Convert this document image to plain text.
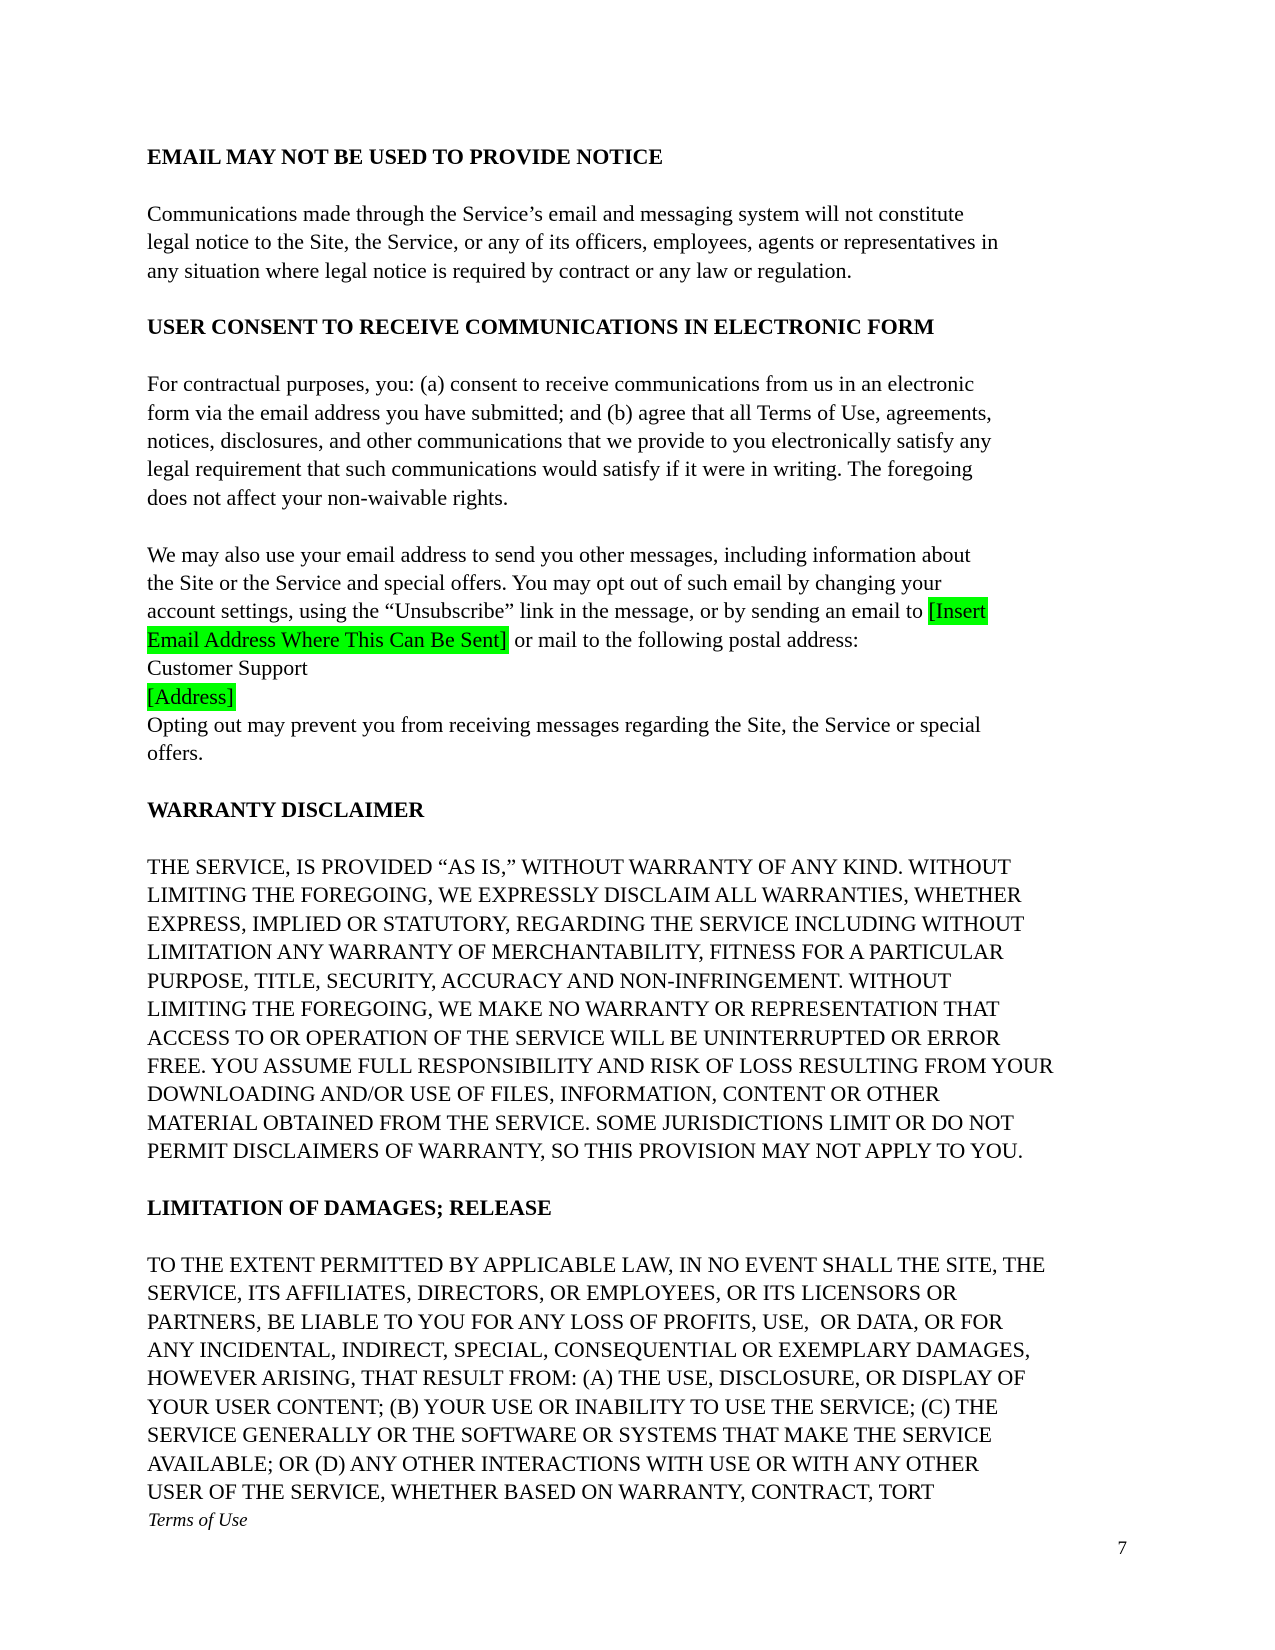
EMAIL MAY NOT BE USED TO PROVIDE NOTICE
Communications made through the Service’s email and messaging system will not constitute
legal notice to the Site, the Service, or any of its officers, employees, agents or representatives in
any situation where legal notice is required by contract or any law or regulation.
USER CONSENT TO RECEIVE COMMUNICATIONS IN ELECTRONIC FORM
For contractual purposes, you: (a) consent to receive communications from us in an electronic
form via the email address you have submitted; and (b) agree that all Terms of Use, agreements,
notices, disclosures, and other communications that we provide to you electronically satisfy any
legal requirement that such communications would satisfy if it were in writing. The foregoing
does not affect your non-waivable rights.
We may also use your email address to send you other messages, including information about
the Site or the Service and special offers. You may opt out of such email by changing your
account settings, using the “Unsubscribe” link in the message, or by sending an email to [Insert
Email Address Where This Can Be Sent] or mail to the following postal address:
Customer Support
[Address]
Opting out may prevent you from receiving messages regarding the Site, the Service or special
offers.
WARRANTY DISCLAIMER
THE SERVICE, IS PROVIDED “AS IS,” WITHOUT WARRANTY OF ANY KIND. WITHOUT
LIMITING THE FOREGOING, WE EXPRESSLY DISCLAIM ALL WARRANTIES, WHETHER
EXPRESS, IMPLIED OR STATUTORY, REGARDING THE SERVICE INCLUDING WITHOUT
LIMITATION ANY WARRANTY OF MERCHANTABILITY, FITNESS FOR A PARTICULAR
PURPOSE, TITLE, SECURITY, ACCURACY AND NON-INFRINGEMENT. WITHOUT
LIMITING THE FOREGOING, WE MAKE NO WARRANTY OR REPRESENTATION THAT
ACCESS TO OR OPERATION OF THE SERVICE WILL BE UNINTERRUPTED OR ERROR
FREE. YOU ASSUME FULL RESPONSIBILITY AND RISK OF LOSS RESULTING FROM YOUR
DOWNLOADING AND/OR USE OF FILES, INFORMATION, CONTENT OR OTHER
MATERIAL OBTAINED FROM THE SERVICE. SOME JURISDICTIONS LIMIT OR DO NOT
PERMIT DISCLAIMERS OF WARRANTY, SO THIS PROVISION MAY NOT APPLY TO YOU.
LIMITATION OF DAMAGES; RELEASE
TO THE EXTENT PERMITTED BY APPLICABLE LAW, IN NO EVENT SHALL THE SITE, THE
SERVICE, ITS AFFILIATES, DIRECTORS, OR EMPLOYEES, OR ITS LICENSORS OR
PARTNERS, BE LIABLE TO YOU FOR ANY LOSS OF PROFITS, USE,  OR DATA, OR FOR
ANY INCIDENTAL, INDIRECT, SPECIAL, CONSEQUENTIAL OR EXEMPLARY DAMAGES,
HOWEVER ARISING, THAT RESULT FROM: (A) THE USE, DISCLOSURE, OR DISPLAY OF
YOUR USER CONTENT; (B) YOUR USE OR INABILITY TO USE THE SERVICE; (C) THE
SERVICE GENERALLY OR THE SOFTWARE OR SYSTEMS THAT MAKE THE SERVICE
AVAILABLE; OR (D) ANY OTHER INTERACTIONS WITH USE OR WITH ANY OTHER
USER OF THE SERVICE, WHETHER BASED ON WARRANTY, CONTRACT, TORT
Terms of Use
7
